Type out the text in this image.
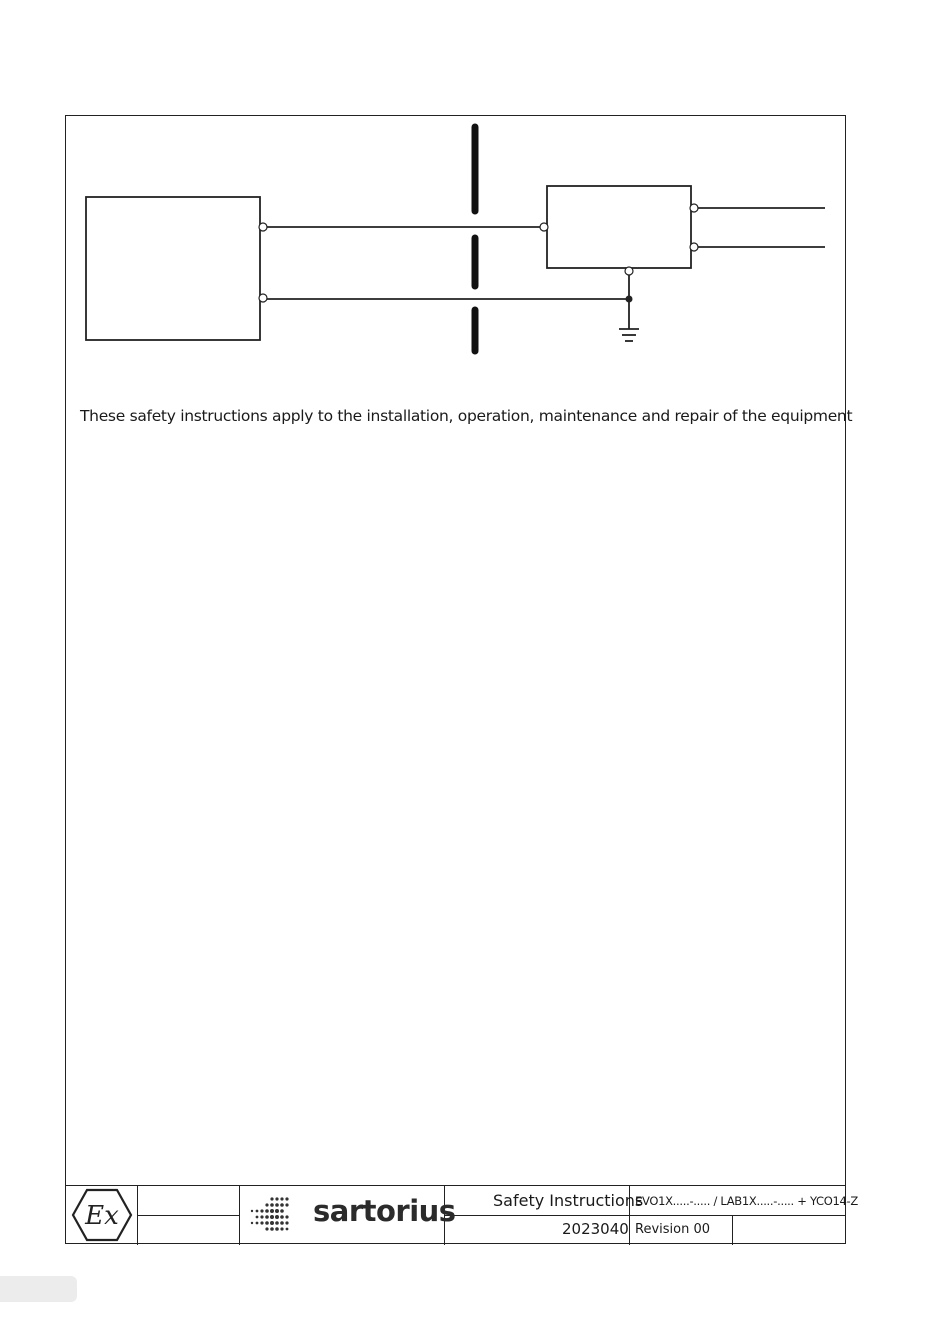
These safety instructions apply to the installation, operation, maintenance and repair of the equipment
Ex	sartorius Safety Instructions
EVO1X.....-..... / LAB1X.....-..... + YCO14-Z
2023040 Revision 00
